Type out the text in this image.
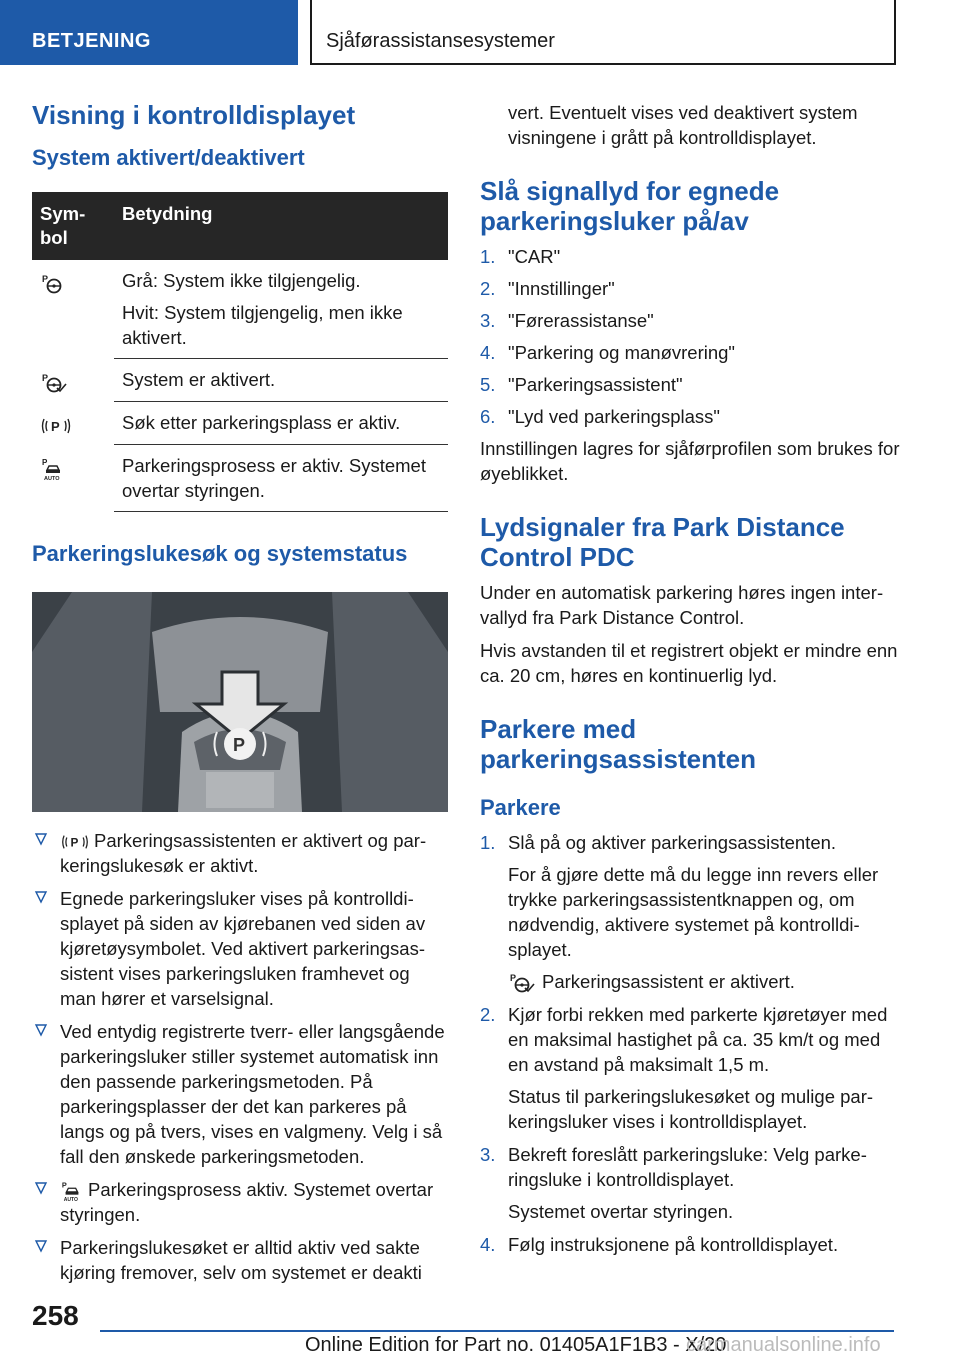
BETJENING	Sjåførassistansesystemer
Visning i kontrolldisplayet
System aktivert/deaktivert
Sym-
bol	Betydning

P	Grå: System ikke tilgjengelig.

Hvit: System tilgjengelig, men ikke aktivert.

P	System er aktivert.

P	Søk etter parkeringsplass er aktiv.

P
AUTO	Parkeringsprosess er aktiv. Systemet overtar styringen.

Parkeringslukesøk og systemstatus
P
P Parkeringsassistenten er aktivert og parkeringslukesøk er aktivt.
Egnede parkeringsluker vises på kontrolldisplayet på siden av kjørebanen ved siden av kjøretøysymbolet. Ved aktivert parkeringsassistent vises parkeringsluken framhevet og man hører et varselsignal.
Ved entydig registrerte tverr- eller langsgående parkeringsluker stiller systemet automatisk inn den passende parkeringsmetoden. På parkeringsplasser der det kan parkeres på langs og på tvers, vises en valgmeny. Velg i så fall den ønskede parkeringsmetoden.
P
AUTO
Parkeringsprosess aktiv. Systemet overtar styringen.
Parkeringslukesøket er alltid aktiv ved sakte kjøring fremover, selv om systemet er deakti

vert. Eventuelt vises ved deaktivert system visningene i grått på kontrolldisplayet.

Slå signallyd for egnede parkeringsluker på/av
1. "CAR"
2. "Innstillinger"
3. "Førerassistanse"
4. "Parkering og manøvrering"
5. "Parkeringsassistent"
6. "Lyd ved parkeringsplass"

Innstillingen lagres for sjåførprofilen som brukes for øyeblikket.

Lydsignaler fra Park Distance Control PDC

Under en automatisk parkering høres ingen intervallyd fra Park Distance Control.

Hvis avstanden til et registrert objekt er mindre enn ca. 20 cm, høres en kontinuerlig lyd.

Parkere med parkeringsassistenten
Parkere
1. Slå på og aktiver parkeringsassistenten.

For å gjøre dette må du legge inn revers eller trykke parkeringsassistentknappen og, om nødvendig, aktivere systemet på kontrolldisplayet.

P Parkeringsassistent er aktivert.

2. Kjør forbi rekken med parkerte kjøretøyer med en maksimal hastighet på ca. 35 km/t og med en avstand på maksimalt 1,5 m.

Status til parkeringslukesøket og mulige parkeringsluker vises i kontrolldisplayet.

3. Bekreft foreslått parkeringsluke: Velg parkeringsluke i kontrolldisplayet.

Systemet overtar styringen.

4. Følg instruksjonene på kontrolldisplayet.
258
Online Edition for Part no. 01405A1F1B3 - X/20
carmanualsonline.info
